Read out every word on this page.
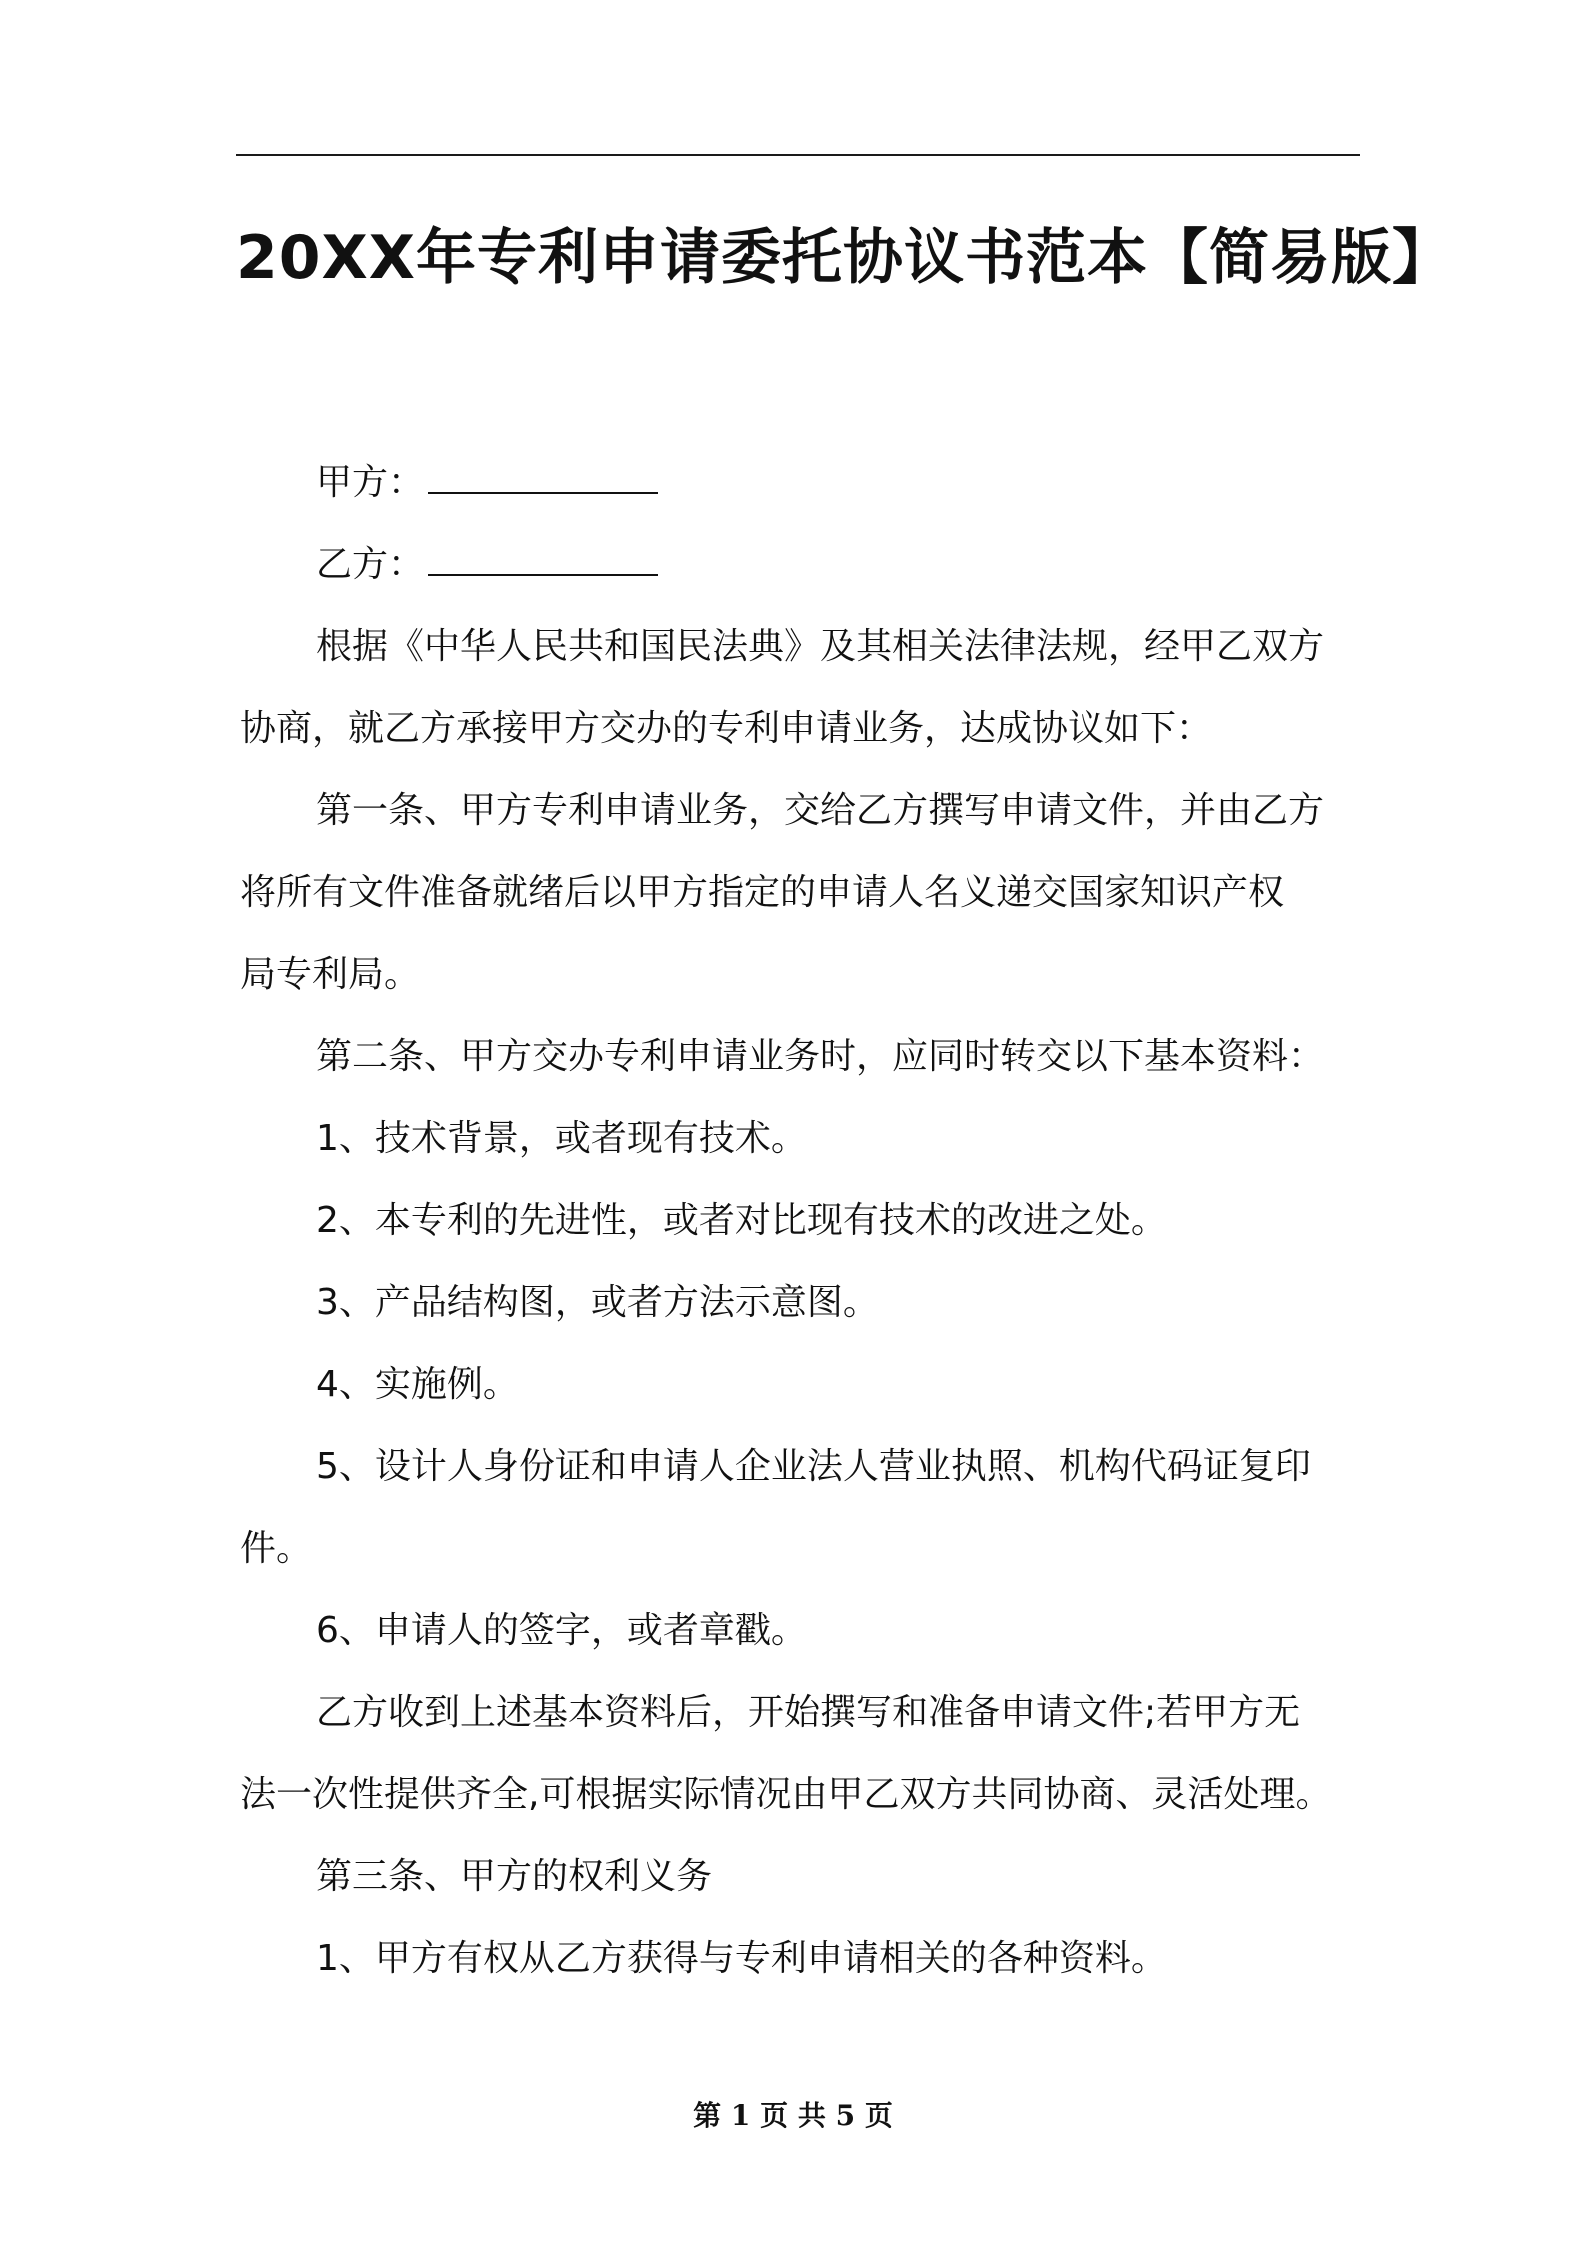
20XX年专利申请委托协议书范本【简易版】
甲方：
乙方：
根据《中华人民共和国民法典》及其相关法律法规，经甲乙双方
协商，就乙方承接甲方交办的专利申请业务，达成协议如下：
第一条、甲方专利申请业务，交给乙方撰写申请文件，并由乙方
将所有文件准备就绪后以甲方指定的申请人名义递交国家知识产权
局专利局。
第二条、甲方交办专利申请业务时，应同时转交以下基本资料：
1、技术背景，或者现有技术。
2、本专利的先进性，或者对比现有技术的改进之处。
3、产品结构图，或者方法示意图。
4、实施例。
5、设计人身份证和申请人企业法人营业执照、机构代码证复印
件。
6、申请人的签字，或者章戳。
乙方收到上述基本资料后，开始撰写和准备申请文件;若甲方无
法一次性提供齐全,可根据实际情况由甲乙双方共同协商、灵活处理。
第三条、甲方的权利义务
1、甲方有权从乙方获得与专利申请相关的各种资料。
第 1 页 共 5 页
